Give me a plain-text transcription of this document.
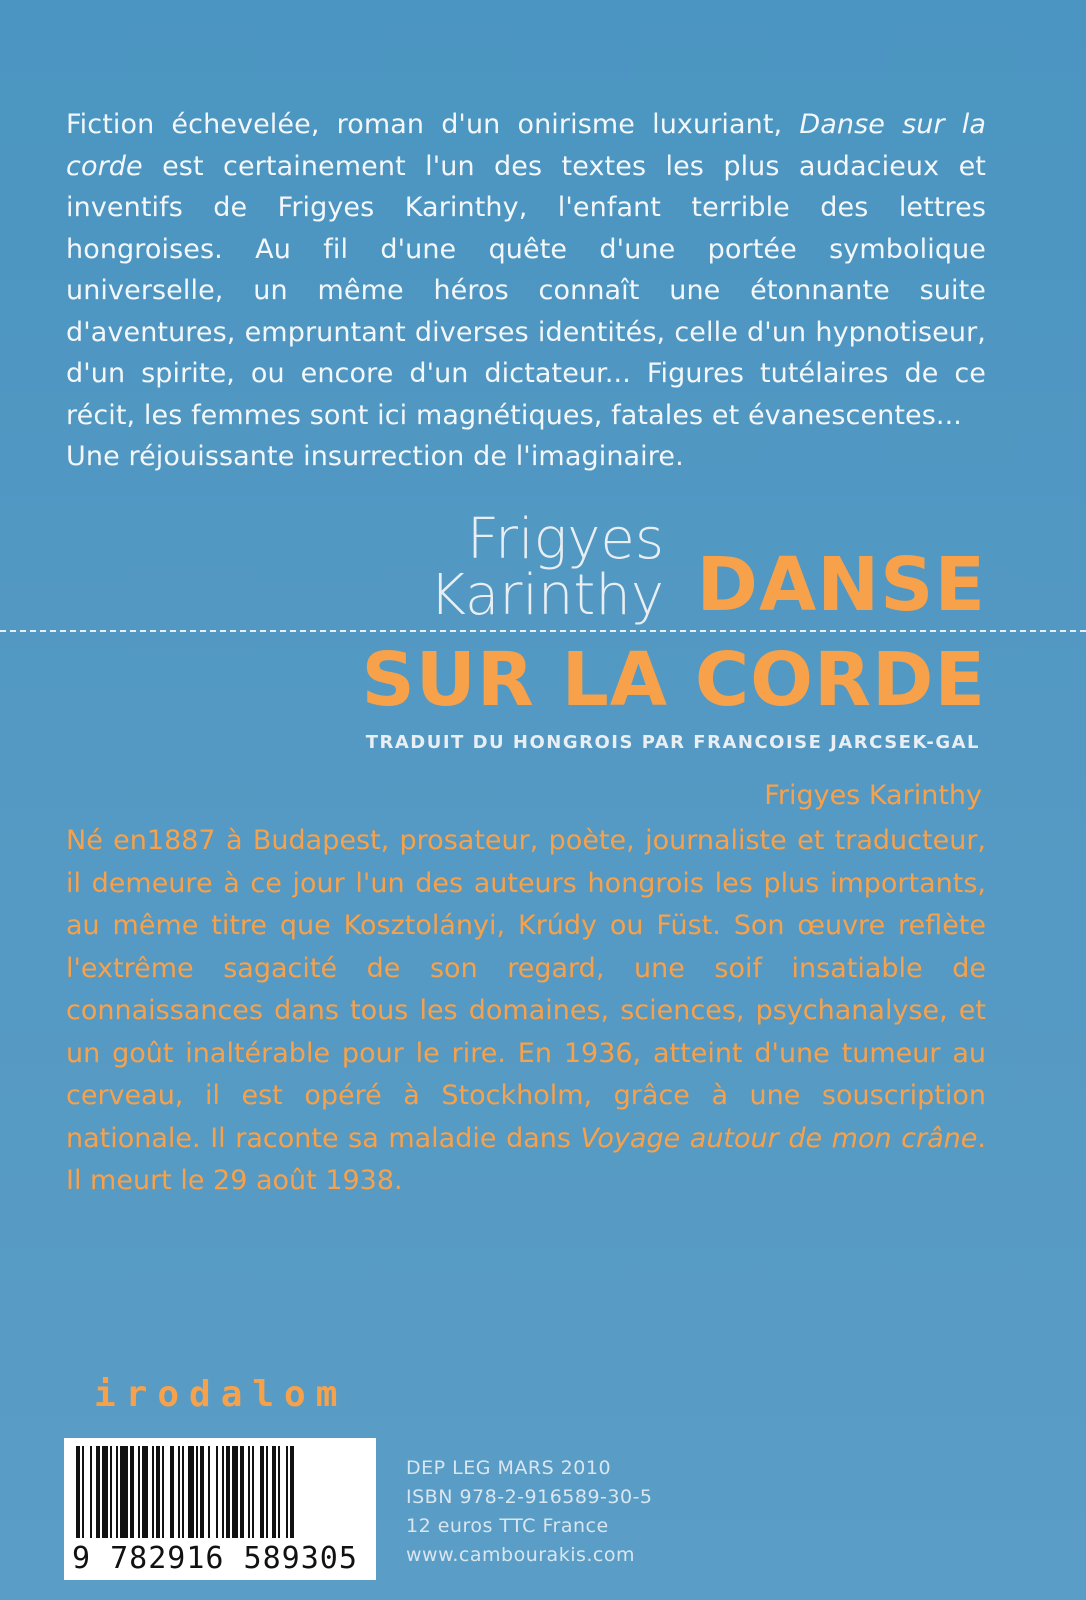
Fiction échevelée, roman d'un onirisme luxuriant, Danse sur la corde est certainement l'un des textes les plus audacieux et inventifs de Frigyes Karinthy, l'enfant terrible des lettres hongroises. Au fil d'une quête d'une portée symbolique universelle, un même héros connaît une étonnante suite d'aventures, empruntant diverses identités, celle d'un hypnotiseur, d'un spirite, ou encore d'un dictateur... Figures tutélaires de ce récit, les femmes sont ici magnétiques, fatales et évanescentes...

Une réjouissante insurrection de l'imaginaire.

Frigyes
Karinthy DANSE
SUR LA CORDE
TRADUIT DU HONGROIS PAR FRANCOISE JARCSEK-GAL
Frigyes Karinthy

Né en1887 à Budapest, prosateur, poète, journaliste et traducteur, il demeure à ce jour l'un des auteurs hongrois les plus importants, au même titre que Kosztolányi, Krúdy ou Füst. Son œuvre reflète l'extrême sagacité de son regard, une soif insatiable de connaissances dans tous les domaines, sciences, psychanalyse, et un goût inaltérable pour le rire. En 1936, atteint d'une tumeur au cerveau, il est opéré à Stockholm, grâce à une souscription nationale. Il raconte sa maladie dans Voyage autour de mon crâne. Il meurt le 29 août 1938.

irodalom
9 782916 589305
DEP LEG MARS 2010
ISBN 978-2-916589-30-5
12 euros TTC France
www.cambourakis.com
